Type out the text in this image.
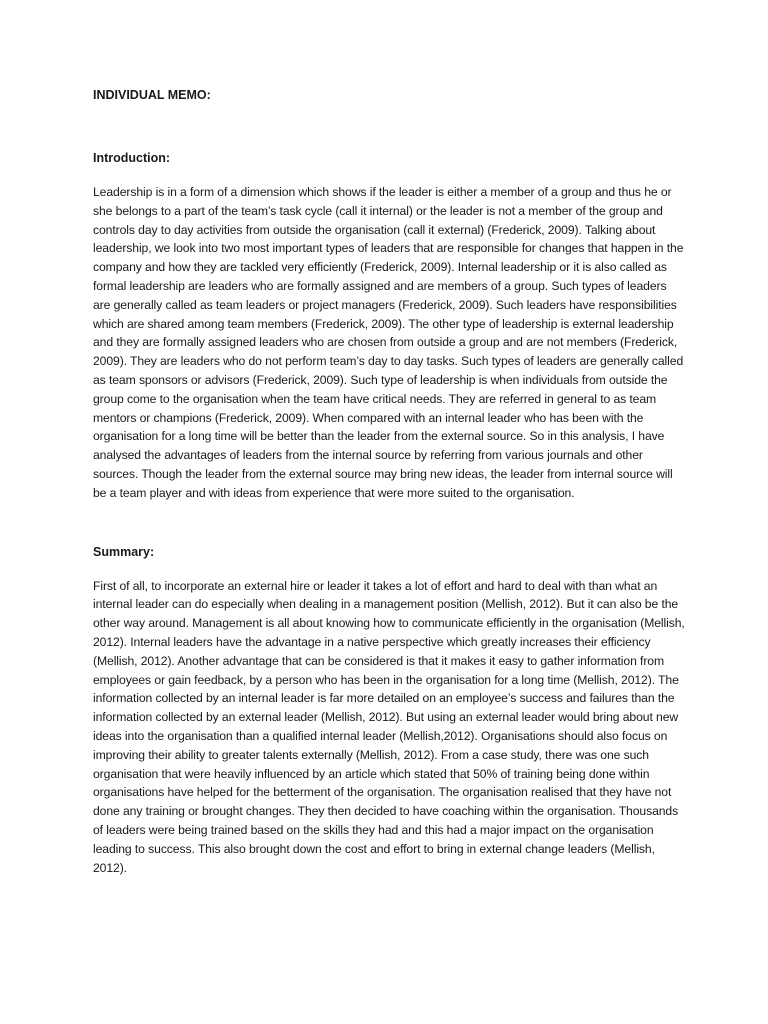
INDIVIDUAL MEMO:
Introduction:

Leadership is in a form of a dimension which shows if the leader is either a member of a group and thus he or she belongs to a part of the team’s task cycle (call it internal) or the leader is not a member of the group and controls day to day activities from outside the organisation (call it external) (Frederick, 2009). Talking about leadership, we look into two most important types of leaders that are responsible for changes that happen in the company and how they are tackled very efficiently (Frederick, 2009). Internal leadership or it is also called as formal leadership are leaders who are formally assigned and are members of a group. Such types of leaders are generally called as team leaders or project managers (Frederick, 2009). Such leaders have responsibilities which are shared among team members (Frederick, 2009). The other type of leadership is external leadership and they are formally assigned leaders who are chosen from outside a group and are not members (Frederick, 2009). They are leaders who do not perform team’s day to day tasks. Such types of leaders are generally called as team sponsors or advisors (Frederick, 2009). Such type of leadership is when individuals from outside the group come to the organisation when the team have critical needs. They are referred in general to as team mentors or champions (Frederick, 2009). When compared with an internal leader who has been with the organisation for a long time will be better than the leader from the external source. So in this analysis, I have analysed the advantages of leaders from the internal source by referring from various journals and other sources. Though the leader from the external source may bring new ideas, the leader from internal source will be a team player and with ideas from experience that were more suited to the organisation.

Summary:

First of all, to incorporate an external hire or leader it takes a lot of effort and hard to deal with than what an internal leader can do especially when dealing in a management position (Mellish, 2012). But it can also be the other way around. Management is all about knowing how to communicate efficiently in the organisation (Mellish, 2012). Internal leaders have the advantage in a native perspective which greatly increases their efficiency (Mellish, 2012). Another advantage that can be considered is that it makes it easy to gather information from employees or gain feedback, by a person who has been in the organisation for a long time (Mellish, 2012). The information collected by an internal leader is far more detailed on an employee’s success and failures than the information collected by an external leader (Mellish, 2012). But using an external leader would bring about new ideas into the organisation than a qualified internal leader (Mellish,2012). Organisations should also focus on improving their ability to greater talents externally (Mellish, 2012). From a case study, there was one such organisation that were heavily influenced by an article which stated that 50% of training being done within organisations have helped for the betterment of the organisation. The organisation realised that they have not done any training or brought changes. They then decided to have coaching within the organisation. Thousands of leaders were being trained based on the skills they had and this had a major impact on the organisation leading to success. This also brought down the cost and effort to bring in external change leaders (Mellish, 2012).
